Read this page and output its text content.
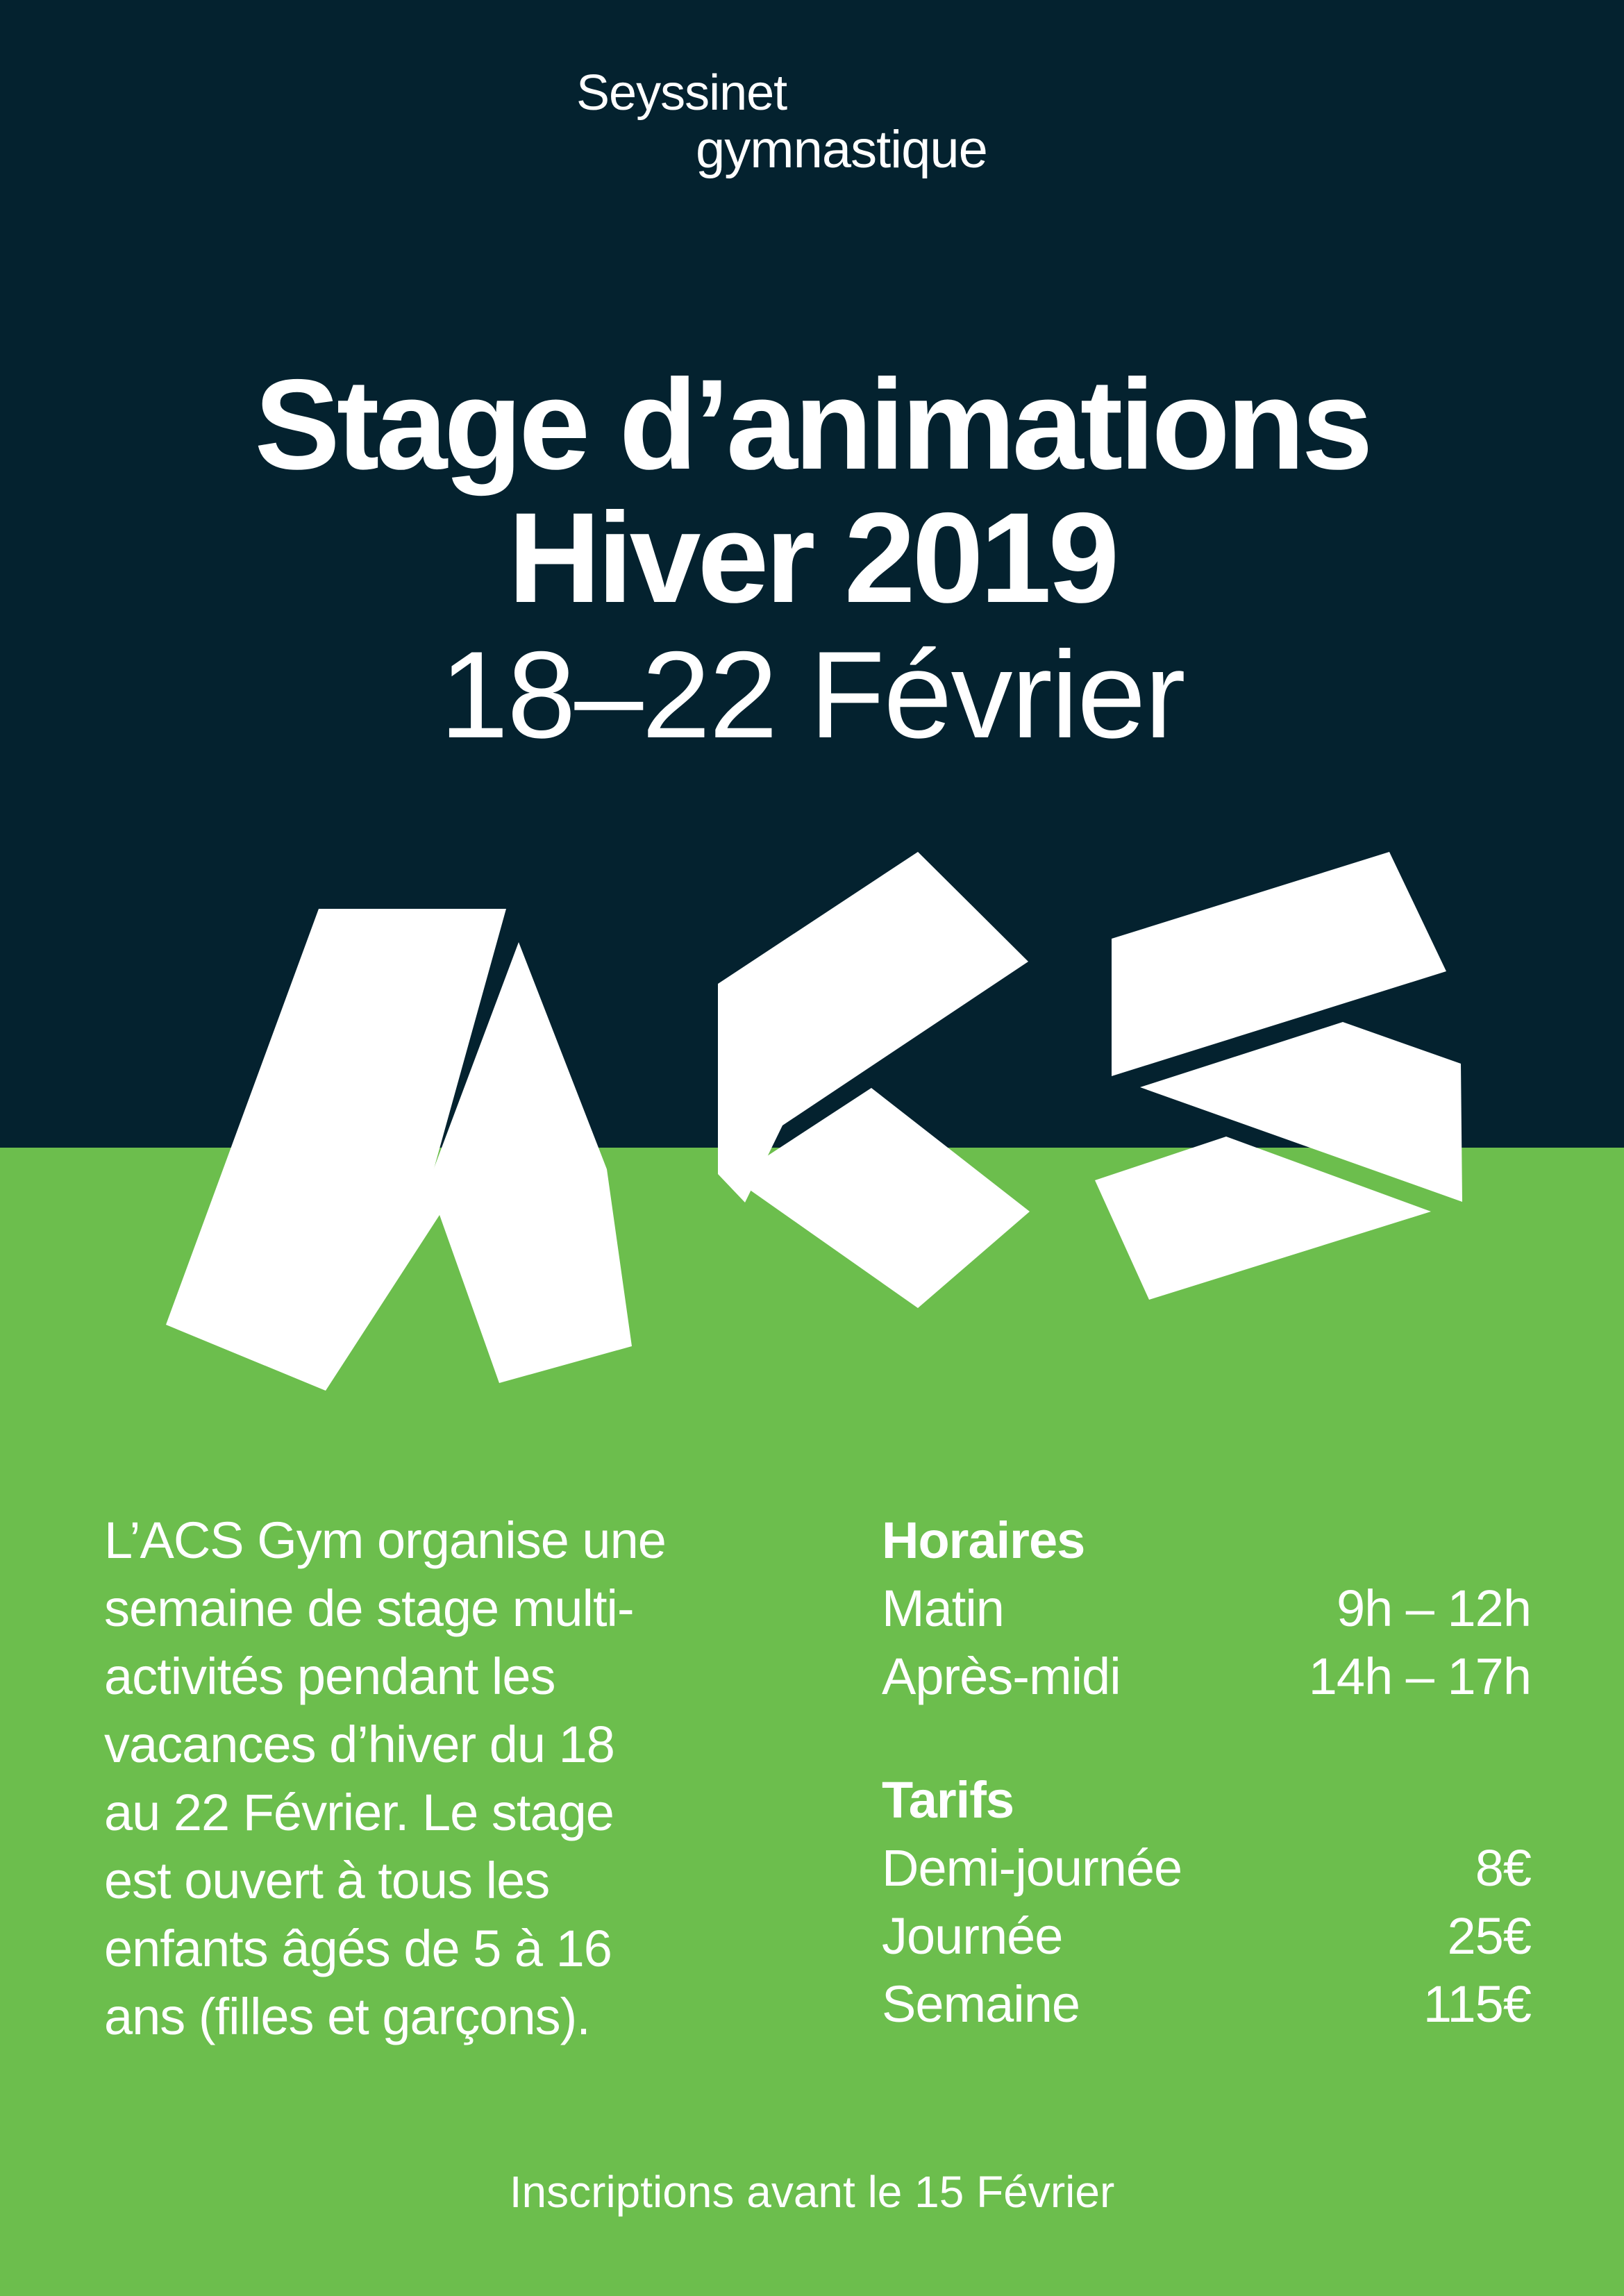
Seyssinet
gymnastique
Stage d’animations
Hiver 2019
18–22 Février
L’ACS Gym organise une
semaine de stage multi-
activités pendant les
vacances d’hiver du 18
au 22 Février. Le stage
est ouvert à tous les
enfants âgés de 5 à 16
ans (filles et garçons).
Horaires
Matin	9h – 12h
Après-midi	14h – 17h
Tarifs
Demi-journée	8€
Journée	25€
Semaine	115€
Inscriptions avant le 15 Février
